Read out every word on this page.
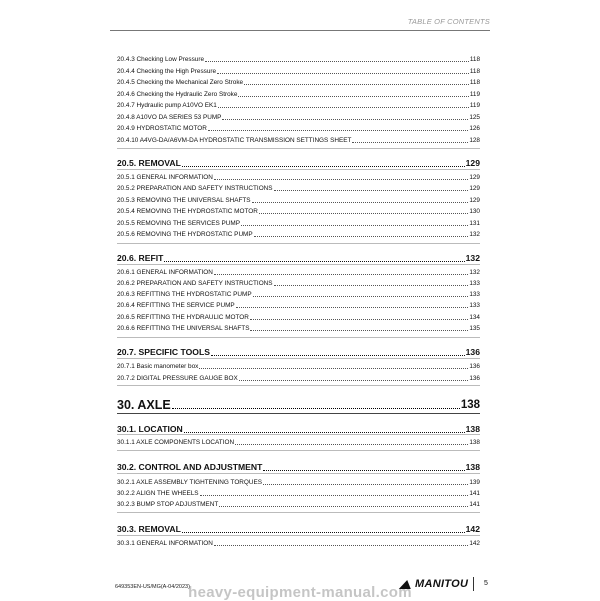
TABLE OF CONTENTS
20.4.3 Checking Low Pressure	118
20.4.4 Checking the High Pressure	118
20.4.5 Checking the Mechanical Zero Stroke	118
20.4.6 Checking the Hydraulic Zero Stroke	119
20.4.7 Hydraulic pump A10VO EK1	119
20.4.8 A10VO DA SERIES 53 PUMP	125
20.4.9 HYDROSTATIC MOTOR	126
20.4.10 A4VG-DA/A6VM-DA HYDROSTATIC TRANSMISSION SETTINGS SHEET	128
20.5. REMOVAL	129
20.5.1 GENERAL INFORMATION	129
20.5.2 PREPARATION AND SAFETY INSTRUCTIONS	129
20.5.3 REMOVING THE UNIVERSAL SHAFTS	129
20.5.4 REMOVING THE HYDROSTATIC MOTOR	130
20.5.5 REMOVING THE SERVICES PUMP	131
20.5.6 REMOVING THE HYDROSTATIC PUMP	132
20.6. REFIT	132
20.6.1 GENERAL INFORMATION	132
20.6.2 PREPARATION AND SAFETY INSTRUCTIONS	133
20.6.3 REFITTING THE HYDROSTATIC PUMP	133
20.6.4 REFITTING THE SERVICE PUMP	133
20.6.5 REFITTING THE HYDRAULIC MOTOR	134
20.6.6 REFITTING THE UNIVERSAL SHAFTS	135
20.7. SPECIFIC TOOLS	136
20.7.1 Basic manometer box	136
20.7.2 DIGITAL PRESSURE GAUGE BOX	136
30. AXLE	138
30.1. LOCATION	138
30.1.1 AXLE COMPONENTS LOCATION	138
30.2. CONTROL AND ADJUSTMENT	138
30.2.1 AXLE ASSEMBLY TIGHTENING TORQUES	139
30.2.2 ALIGN THE WHEELS	141
30.2.3 BUMP STOP ADJUSTMENT	141
30.3. REMOVAL	142
30.3.1 GENERAL INFORMATION	142
649353EN-US/MG(A-04/2023)	MANITOU 5
heavy-equipment-manual.com
